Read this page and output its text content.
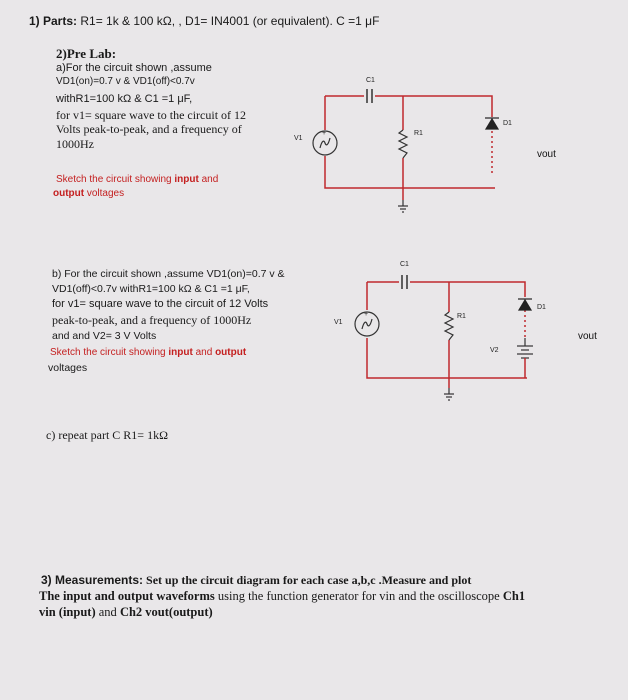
1) Parts: R1= 1k & 100 kΩ, , D1= IN4001 (or equivalent). C =1 μF
2)Pre Lab:
a)For the circuit shown ,assume
VD1(on)=0.7 v & VD1(off)<0.7v
withR1=100 kΩ & C1 =1 μF,
for v1= square wave to the circuit of 12
Volts peak-to-peak, and a frequency of
1000Hz
Sketch the circuit showing input and
output voltages
b) For the circuit shown ,assume VD1(on)=0.7 v &
VD1(off)<0.7v withR1=100 kΩ & C1 =1 μF,
for v1= square wave to the circuit of 12 Volts
peak-to-peak, and a frequency of 1000Hz
and and V2= 3 V Volts
Sketch the circuit showing input and output
voltages
c) repeat part C R1= 1kΩ
3) Measurements: Set up the circuit diagram for each case a,b,c .Measure and plot
The input and output waveforms using the function generator for vin and the oscilloscope Ch1
vin (input) and Ch2 vout(output)
+
C1
R1
D1
V1
vout
+
C1
R1
D1
V1
V2
vout
